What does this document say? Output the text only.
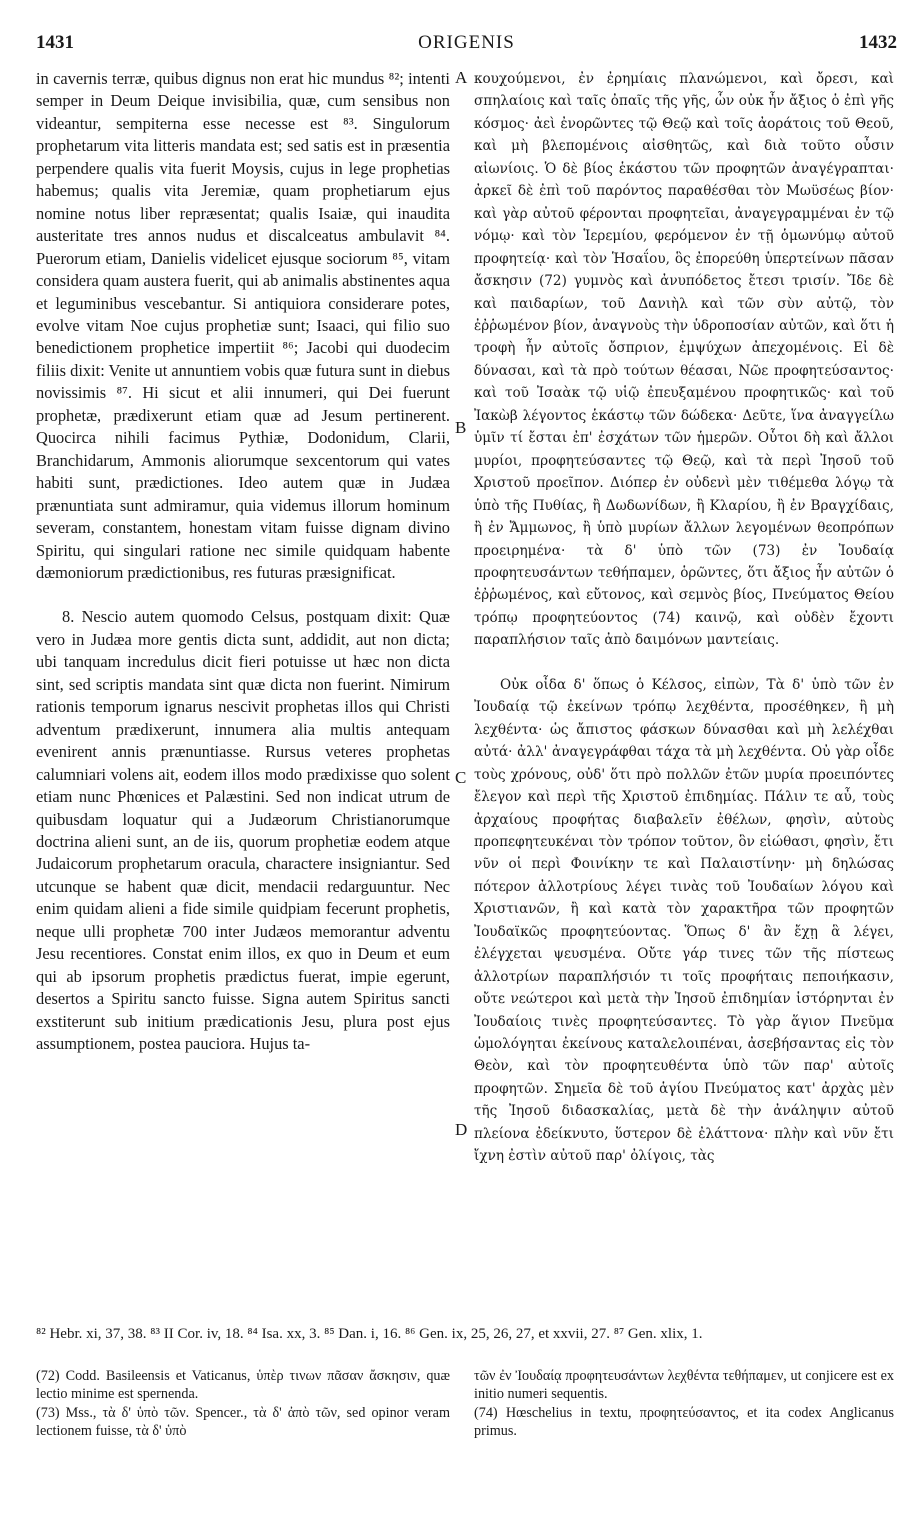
1431	ORIGENIS	1432

in cavernis terræ, quibus dignus non erat hic mundus ⁸²; intenti semper in Deum Deique invisibilia, quæ, cum sensibus non videantur, sempiterna esse necesse est ⁸³. Singulorum prophetarum vita litteris mandata est; sed satis est in præsentia perpendere qualis vita fuerit Moysis, cujus in lege prophetias habemus; qualis vita Jeremiæ, quam prophetiarum ejus nomine notus liber repræsentat; qualis Isaiæ, qui inaudita austeritate tres annos nudus et discalceatus ambulavit ⁸⁴. Puerorum etiam, Danielis videlicet ejusque sociorum ⁸⁵, vitam considera quam austera fuerit, qui ab animalis abstinentes aqua et leguminibus vescebantur. Si antiquiora considerare potes, evolve vitam Noe cujus prophetiæ sunt; Isaaci, qui filio suo benedictionem prophetice impertiit ⁸⁶; Jacobi qui duodecim filiis dixit: Venite ut annuntiem vobis quæ futura sunt in diebus novissimis ⁸⁷. Hi sicut et alii innumeri, qui Dei fuerunt prophetæ, prædixerunt etiam quæ ad Jesum pertinerent. Quocirca nihili facimus Pythiæ, Dodonidum, Clarii, Branchidarum, Ammonis aliorumque sexcentorum qui vates habiti sunt, prædictiones. Ideo autem quæ in Judæa prænuntiata sunt admiramur, quia videmus illorum hominum severam, constantem, honestam vitam fuisse dignam divino Spiritu, qui singulari ratione nec simile quidquam habente dæmoniorum prædictionibus, res futuras præsignificat.

8. Nescio autem quomodo Celsus, postquam dixit: Quæ vero in Judæa more gentis dicta sunt, addidit, aut non dicta; ubi tanquam incredulus dicit fieri potuisse ut hæc non dicta sint, sed scriptis mandata sint quæ dicta non fuerint. Nimirum rationis temporum ignarus nescivit prophetas illos qui Christi adventum prædixerunt, innumera alia multis antequam evenirent annis prænuntiasse. Rursus veteres prophetas calumniari volens ait, eodem illos modo prædixisse quo solent etiam nunc Phœnices et Palæstini. Sed non indicat utrum de quibusdam loquatur qui a Judæorum Christianorumque doctrina alieni sunt, an de iis, quorum prophetiæ eodem atque Judaicorum prophetarum oracula, characterе insigniantur. Sed utcunque se habent quæ dicit, mendacii redarguuntur. Nec enim quidam alieni a fide simile quidpiam fecerunt prophetis, neque ulli prophetæ 700 inter Judæos memorantur adventu Jesu recentiores. Constat enim illos, ex quo in Deum et eum qui ab ipsorum prophetis prædictus fuerat, impie egerunt, desertos a Spiritu sancto fuisse. Signa autem Spiritus sancti exstiterunt sub initium prædicationis Jesu, plura post ejus assumptionem, postea pauciora. Hujus ta-

A
B
C
D

κουχούμενοι, ἐν ἐρημίαις πλανώμενοι, καὶ ὄρεσι, καὶ σπηλαίοις καὶ ταῖς ὀπαῖς τῆς γῆς, ὧν οὐκ ἦν ἄξιος ὁ ἐπὶ γῆς κόσμος· ἀεὶ ἐνορῶντες τῷ Θεῷ καὶ τοῖς ἀοράτοις τοῦ Θεοῦ, καὶ μὴ βλεπομένοις αἰσθητῶς, καὶ διὰ τοῦτο οὖσιν αἰωνίοις. Ὁ δὲ βίος ἑκάστου τῶν προφητῶν ἀναγέγραπται· ἀρκεῖ δὲ ἐπὶ τοῦ παρόντος παραθέσθαι τὸν Μωϋσέως βίον· καὶ γὰρ αὐτοῦ φέρονται προφητεῖαι, ἀναγεγραμμέναι ἐν τῷ νόμῳ· καὶ τὸν Ἱερεμίου, φερόμενον ἐν τῇ ὁμωνύμῳ αὐτοῦ προφητείᾳ· καὶ τὸν Ἡσαΐου, ὃς ἐπορεύθη ὑπερτείνων πᾶσαν ἄσκησιν (72) γυμνὸς καὶ ἀνυπόδετος ἔτεσι τρισίν. Ἴδε δὲ καὶ παιδαρίων, τοῦ Δανιὴλ καὶ τῶν σὺν αὐτῷ, τὸν ἐῤῥωμένον βίον, ἀναγνοὺς τὴν ὑδροποσίαν αὐτῶν, καὶ ὅτι ἡ τροφὴ ἦν αὐτοῖς ὄσπριον, ἐμψύχων ἀπεχομένοις. Εἰ δὲ δύνασαι, καὶ τὰ πρὸ τούτων θέασαι, Νῶε προφητεύσαντος· καὶ τοῦ Ἰσαὰκ τῷ υἱῷ ἐπευξαμένου προφητικῶς· καὶ τοῦ Ἰακὼβ λέγοντος ἑκάστῳ τῶν δώδεκα· Δεῦτε, ἵνα ἀναγγείλω ὑμῖν τί ἔσται ἐπ' ἐσχάτων τῶν ἡμερῶν. Οὗτοι δὴ καὶ ἄλλοι μυρίοι, προφητεύσαντες τῷ Θεῷ, καὶ τὰ περὶ Ἰησοῦ τοῦ Χριστοῦ προεῖπον. Διόπερ ἐν οὐδενὶ μὲν τιθέμεθα λόγῳ τὰ ὑπὸ τῆς Πυθίας, ἢ Δωδωνίδων, ἢ Κλαρίου, ἢ ἐν Βραγχίδαις, ἢ ἐν Ἄμμωνος, ἢ ὑπὸ μυρίων ἄλλων λεγομένων θεοπρόπων προειρημένα· τὰ δ' ὑπὸ τῶν (73) ἐν Ἰουδαίᾳ προφητευσάντων τεθήπαμεν, ὁρῶντες, ὅτι ἄξιος ἦν αὐτῶν ὁ ἐῤῥωμένος, καὶ εὔτονος, καὶ σεμνὸς βίος, Πνεύματος Θείου τρόπῳ προφητεύοντος (74) καινῷ, καὶ οὐδὲν ἔχοντι παραπλήσιον ταῖς ἀπὸ δαιμόνων μαντείαις.

Οὐκ οἶδα δ' ὅπως ὁ Κέλσος, εἰπὼν, Τὰ δ' ὑπὸ τῶν ἐν Ἰουδαίᾳ τῷ ἐκείνων τρόπῳ λεχθέντα, προσέθηκεν, ἢ μὴ λεχθέντα· ὡς ἄπιστος φάσκων δύνασθαι καὶ μὴ λελέχθαι αὐτά· ἀλλ' ἀναγεγράφθαι τάχα τὰ μὴ λεχθέντα. Οὐ γὰρ οἶδε τοὺς χρόνους, οὐδ' ὅτι πρὸ πολλῶν ἐτῶν μυρία προειπόντες ἔλεγον καὶ περὶ τῆς Χριστοῦ ἐπιδημίας. Πάλιν τε αὖ, τοὺς ἀρχαίους προφήτας διαβαλεῖν ἐθέλων, φησὶν, αὐτοὺς προπεφητευκέναι τὸν τρόπον τοῦτον, ὃν εἰώθασι, φησὶν, ἔτι νῦν οἱ περὶ Φοινίκην τε καὶ Παλαιστίνην· μὴ δηλώσας πότερον ἀλλοτρίους λέγει τινὰς τοῦ Ἰουδαίων λόγου καὶ Χριστιανῶν, ἢ καὶ κατὰ τὸν χαρακτῆρα τῶν προφητῶν Ἰουδαϊκῶς προφητεύοντας. Ὅπως δ' ἂν ἔχῃ ἃ λέγει, ἐλέγχεται ψευσμένα. Οὔτε γάρ τινες τῶν τῆς πίστεως ἀλλοτρίων παραπλήσιόν τι τοῖς προφήταις πεποιήκασιν, οὔτε νεώτεροι καὶ μετὰ τὴν Ἰησοῦ ἐπιδημίαν ἱστόρηνται ἐν Ἰουδαίοις τινὲς προφητεύσαντες. Τὸ γὰρ ἅγιον Πνεῦμα ὡμολόγηται ἐκείνους καταλελοιπέναι, ἀσεβήσαντας εἰς τὸν Θεὸν, καὶ τὸν προφητευθέντα ὑπὸ τῶν παρ' αὐτοῖς προφητῶν. Σημεῖα δὲ τοῦ ἁγίου Πνεύματος κατ' ἀρχὰς μὲν τῆς Ἰησοῦ διδασκαλίας, μετὰ δὲ τὴν ἀνάληψιν αὐτοῦ πλείονα ἐδείκνυτο, ὕστερον δὲ ἐλάττονα· πλὴν καὶ νῦν ἔτι ἴχνη ἐστὶν αὐτοῦ παρ' ὀλίγοις, τὰς

⁸² Hebr. xi, 37, 38. ⁸³ II Cor. iv, 18. ⁸⁴ Isa. xx, 3. ⁸⁵ Dan. i, 16. ⁸⁶ Gen. ix, 25, 26, 27, et xxvii, 27. ⁸⁷ Gen. xlix, 1.

(72) Codd. Basileensis et Vaticanus, ὑπὲρ τινων πᾶσαν ἄσκησιν, quæ lectio minime est spernenda.

(73) Mss., τὰ δ' ὑπὸ τῶν. Spencer., τὰ δ' ἀπὸ τῶν, sed opinor veram lectionem fuisse, τὰ δ' ὑπὸ

τῶν ἐν Ἰουδαίᾳ προφητευσάντων λεχθέντα τεθήπαμεν, ut conjicere est ex initio numeri sequentis.

(74) Hœschelius in textu, προφητεύσαντος, et ita codex Anglicanus primus.
